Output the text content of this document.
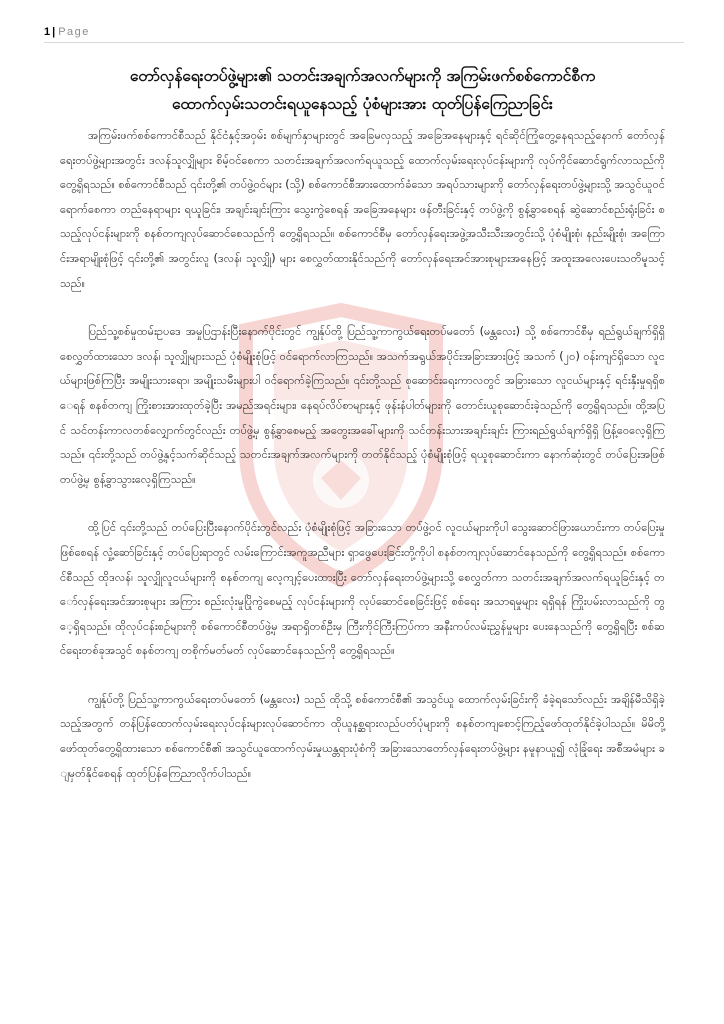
1 | Page
တော်လှန်ရေးတပ်ဖွဲ့များ၏ သတင်းအချက်အလက်များကို အကြမ်းဖက်စစ်ကောင်စီက
ထောက်လှမ်းသတင်းရယူနေသည့် ပုံစံများအား ထုတ်ပြန်ကြေညာခြင်း

အကြမ်းဖက်စစ်ကောင်စီသည် နိုင်ငံနှင့်အဝှမ်း စစ်မျက်နှာများတွင် အခြေမလှသည့် အခြေအနေများနှင့် ရင်ဆိုင်ကြုံတွေ့နေရသည့်နောက် တော်လှန်ရေးတပ်ဖွဲ့များအတွင်း ဒလန်သူလျှိုများ စိမ့်ဝင်စေကာ သတင်းအချက်အလက်ရယူသည့် ထောက်လှမ်းရေးလုပ်ငန်းများကို လုပ်ကိုင်ဆောင်ရွက်လာသည်ကို တွေ့ရှိရသည်။ စစ်ကောင်စီသည် ၎င်းတို့၏ တပ်ဖွဲ့ဝင်များ (သို့) စစ်ကောင်စီအားထောက်ခံသော အရပ်သားများကို တော်လှန်ရေးတပ်ဖွဲ့များသို့ အသွင်ယူဝင်ရောက်စေကာ တည်နေရာများ ရယူခြင်း၊ အချင်းချင်းကြား သွေးကွဲစေရန် အခြေအနေများ ဖန်တီးခြင်းနှင့် တပ်ဖွဲ့ကို စွန့်ခွာစေရန် ဆွဲဆောင်စည်းရုံးခြင်း စသည့်လုပ်ငန်းများကို စနစ်တကျလုပ်ဆောင်စေသည်ကို တွေ့ရှိရသည်။ စစ်ကောင်စီမှ တော်လှန်ရေးအဖွဲ့အသီးသီးအတွင်းသို့ ပုံစံမျိုးစုံ၊ နည်းမျိုးစုံ၊ အကြောင်းအရာမျိုးစုံဖြင့် ၎င်းတို့၏ အတွင်းလူ (ဒလန်၊ သူလျှို) များ စေလွှတ်ထားနိုင်သည်ကို တော်လှန်ရေးအင်အားစုများအနေဖြင့် အထူးအလေးပေးသတိမူသင့်သည်။

ပြည်သူ့စစ်မှုထမ်းဥပဒေ အမှုပြဌာန်းပြီးနောက်ပိုင်းတွင် ကျွန်ုပ်တို့ ပြည်သူ့ကာကွယ်ရေးတပ်မတော် (မန္တလေး) သို့ စစ်ကောင်စီမှ ရည်ရွယ်ချက်ရှိရှိ စေလွှတ်ထားသော ဒလန်၊ သူလျှိုများသည် ပုံစံမျိုးစုံဖြင့် ဝင်ရောက်လာကြသည်။ အသက်အရွယ်အပိုင်းအခြားအားဖြင့် အသက် (၂၀) ဝန်းကျင်ရှိသော လူငယ်များဖြစ်ကြပြီး အမျိုးသားရော၊ အမျိုးသမီးများပါ ဝင်ရောက်ခဲ့ကြသည်။ ၎င်းတို့သည် စုဆောင်းရေးကာလတွင် အခြားသော လူငယ်များနှင့် ရင်းနှီးမှုရရှိစေရန် စနစ်တကျ ကြိုးစားအားထုတ်ခဲ့ပြီး အမည်အရင်းများ၊ နေရပ်လိပ်စာများနှင့် ဖုန်းနံပါတ်များကို တောင်းယူစုဆောင်းခဲ့သည်ကို တွေ့ရှိရသည်။ ထို့အပြင် သင်တန်းကာလတစ်လျှောက်တွင်လည်း တပ်ဖွဲ့မှ စွန့်ခွာစေမည့် အတွေးအခေါ်များကို သင်တန်းသားအချင်းချင်း ကြားရည်ရွယ်ချက်ရှိရှိ ဖြန့်ဝေလေ့ရှိကြသည်။ ၎င်းတို့သည် တပ်ဖွဲ့နှင့်သက်ဆိုင်သည့် သတင်းအချက်အလက်များကို တတ်နိုင်သည့် ပုံစံမျိုးစုံဖြင့် ရယူစုဆောင်းကာ နောက်ဆုံးတွင် တပ်ပြေးအဖြစ် တပ်ဖွဲ့မှ စွန့်ခွာသွားလေ့ရှိကြသည်။

ထို့ပြင် ၎င်းတို့သည် တပ်ပြေးပြီးနောက်ပိုင်းတွင်လည်း ပုံစံမျိုးစုံဖြင့် အခြားသော တပ်ဖွဲ့ဝင် လူငယ်များကိုပါ သွေးဆောင်ဖြားယောင်းကာ တပ်ပြေးမှုဖြစ်စေရန် လှုံ့ဆော်ခြင်းနှင့် တပ်ပြေးရာတွင် လမ်းကြောင်းအကူအညီများ ရှာဖွေပေးခြင်းတို့ကိုပါ စနစ်တကျလုပ်ဆောင်နေသည်ကို တွေ့ရှိရသည်။ စစ်ကောင်စီသည် ထိုဒလန်၊ သူလျှိုလူငယ်များကို စနစ်တကျ လေ့ကျင့်ပေးထားပြီး တော်လှန်ရေးတပ်ဖွဲ့များသို့ စေလွှတ်ကာ သတင်းအချက်အလက်ရယူခြင်းနှင့် တော်လှန်ရေးအင်အားစုများ အကြား စည်းလုံးမှုပြိုကွဲစေမည့် လုပ်ငန်းများကို လုပ်ဆောင်စေခြင်းဖြင့် စစ်ရေး အသာရမှုများ ရရှိရန် ကြိုးပမ်းလာသည်ကို တွေ့ရှိရသည်။ ထိုလုပ်ငန်းစဉ်များကို စစ်ကောင်စီတပ်ဖွဲ့မှ အရာရှိတစ်ဦးမှ ကြီးကိုင်ကြီးကြပ်ကာ အနီးကပ်လမ်းညွှန်မှုများ ပေးနေသည်ကို တွေ့ရှိရပြီး စစ်ဆင်ရေးတစ်ခုအသွင် စနစ်တကျ တစိုက်မတ်မတ် လုပ်ဆောင်နေသည်ကို တွေ့ရှိရသည်။

ကျွန်ုပ်တို့ ပြည်သူ့ကာကွယ်ရေးတပ်မတော် (မန္တလေး) သည် ထိုသို့ စစ်ကောင်စီ၏ အသွင်ယူ ထောက်လှမ်းခြင်းကို ခံခဲ့ရသော်လည်း အချိန်မီသိရှိခဲ့သည့်အတွက် တန်ပြန်ထောက်လှမ်းရေးလုပ်ငန်းများလုပ်ဆောင်ကာ ထိုယူနစ္ဆရားလည်ပတ်ပုံများကို စနစ်တကျစောင့်ကြည့်ဖော်ထုတ်နိုင်ခဲ့ပါသည်။ မိမိတို့ ဖော်ထုတ်တွေ့ရှိထားသော စစ်ကောင်စီ၏ အသွင်ယူထောက်လှမ်းမှုယန္တရားပုံစံကို အခြားသောတော်လှန်ရေးတပ်ဖွဲ့များ နမူနာယူ၍ လုံခြုံရေး အစီအမံများ ချမှတ်နိုင်စေရန် ထုတ်ပြန်ကြေညာလိုက်ပါသည်။
